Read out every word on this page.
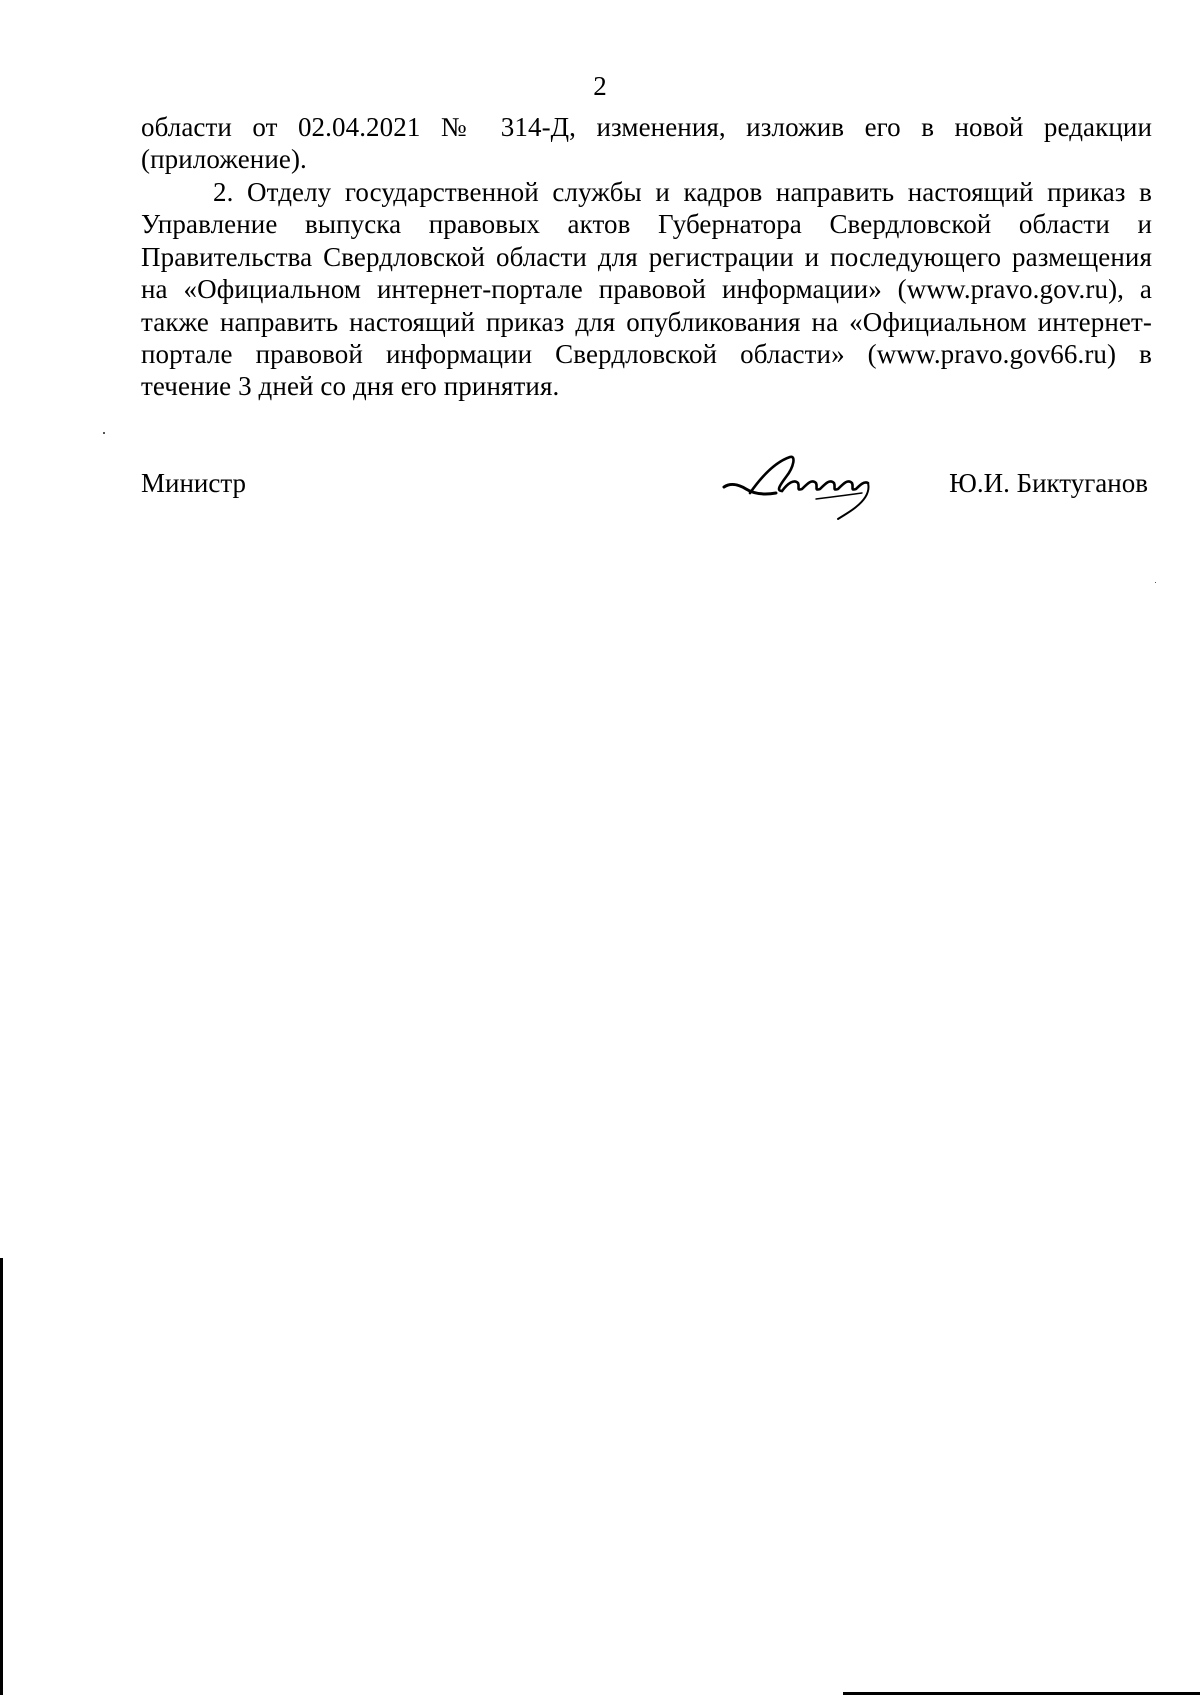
2
области от 02.04.2021 № 314-Д, изменения, изложив его в новой редакции (приложение).
2. Отделу государственной службы и кадров направить настоящий приказ в Управление выпуска правовых актов Губернатора Свердловской области и Правительства Свердловской области для регистрации и последующего размещения на «Официальном интернет-портале правовой информации» (www.pravo.gov.ru), а также направить настоящий приказ для опубликования на «Официальном интернет-портале правовой информации Свердловской области» (www.pravo.gov66.ru) в течение 3 дней со дня его принятия.
Министр	Ю.И. Биктуганов
